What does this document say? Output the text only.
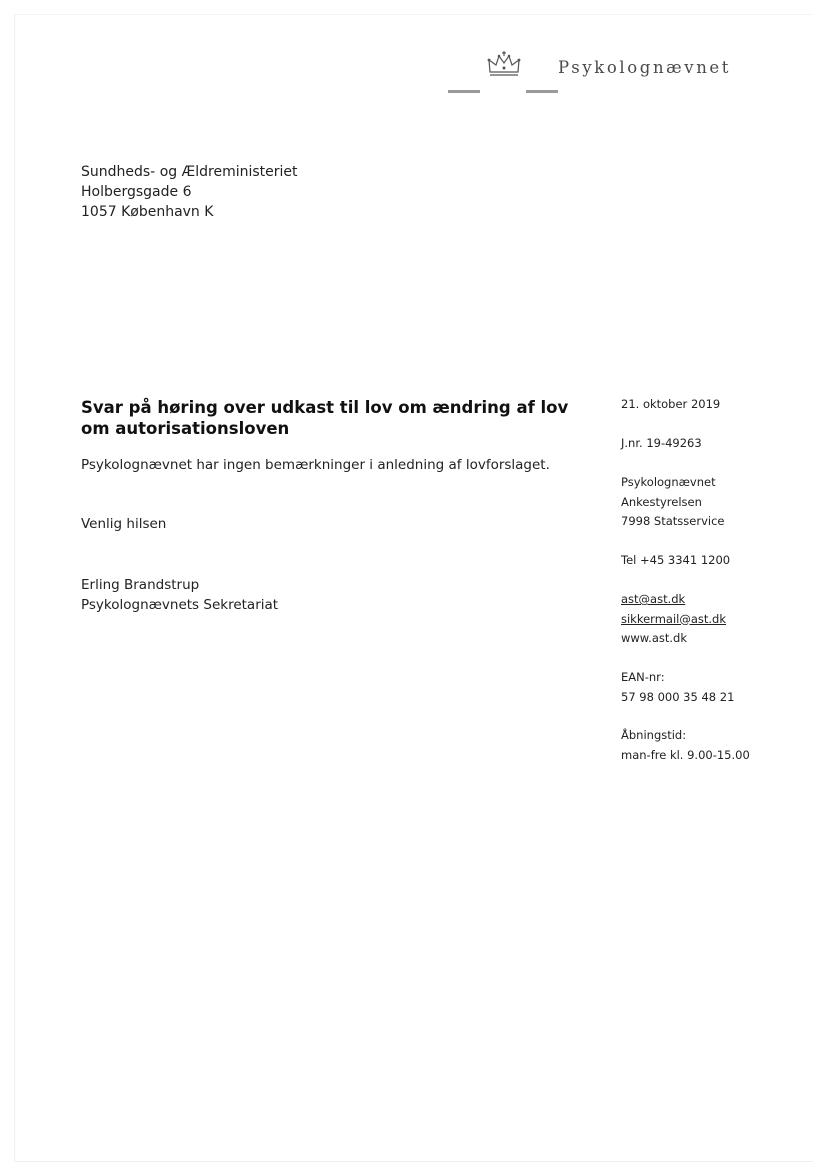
Psykolognævnet
Sundheds- og Ældreministeriet
Holbergsgade 6
1057 København K
Svar på høring over udkast til lov om ændring af lov
om autorisationsloven
Psykolognævnet har ingen bemærkninger i anledning af lovforslaget.
Venlig hilsen
Erling Brandstrup
Psykolognævnets Sekretariat
21. oktober 2019
J.nr. 19-49263
Psykolognævnet
Ankestyrelsen
7998 Statsservice
Tel +45 3341 1200
ast@ast.dk
sikkermail@ast.dk
www.ast.dk
EAN-nr:
57 98 000 35 48 21
Åbningstid:
man-fre kl. 9.00-15.00
